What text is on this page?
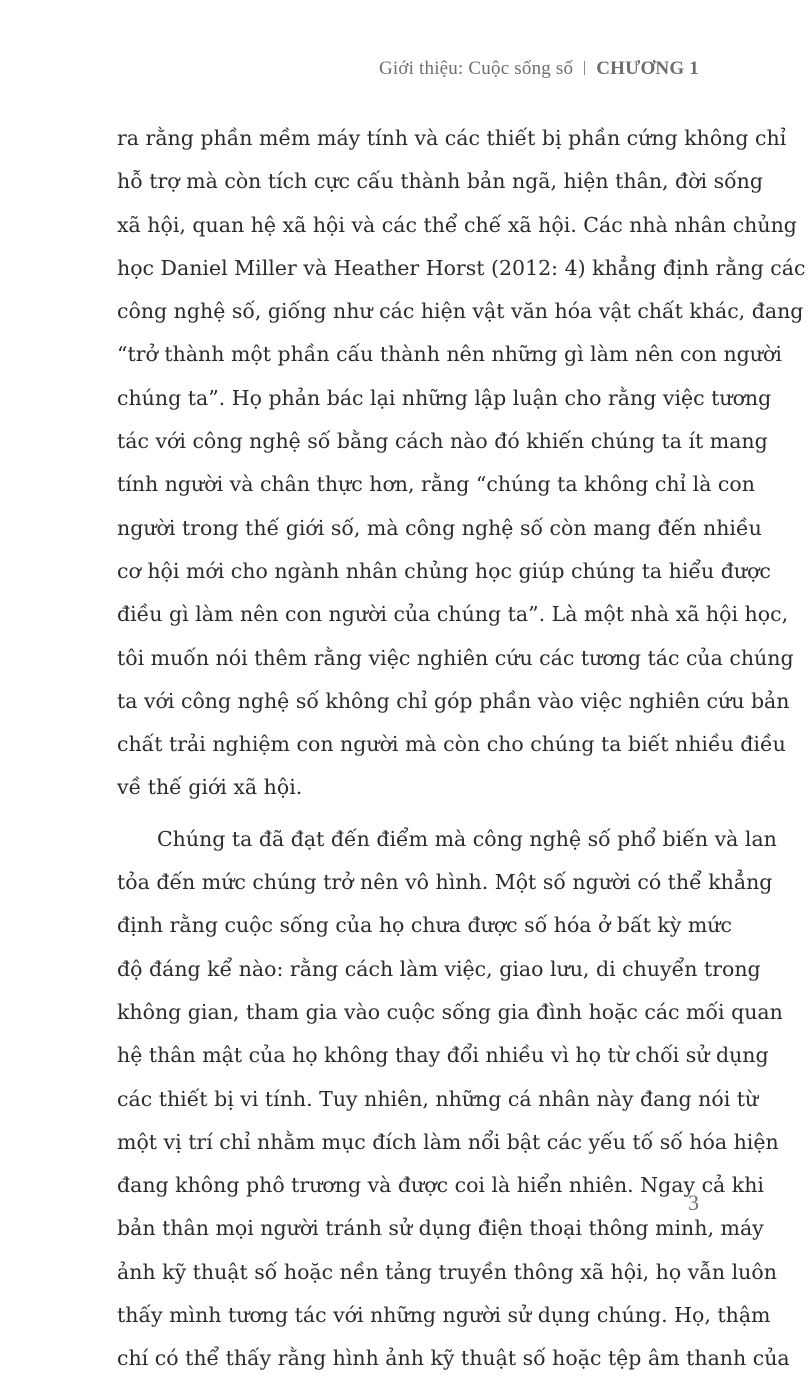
Giới thiệu: Cuộc sống số CHƯƠNG 1
ra rằng phần mềm máy tính và các thiết bị phần cứng không chỉ
hỗ trợ mà còn tích cực cấu thành bản ngã, hiện thân, đời sống
xã hội, quan hệ xã hội và các thể chế xã hội. Các nhà nhân chủng
học Daniel Miller và Heather Horst (2012: 4) khẳng định rằng các
công nghệ số, giống như các hiện vật văn hóa vật chất khác, đang
“trở thành một phần cấu thành nên những gì làm nên con người
chúng ta”. Họ phản bác lại những lập luận cho rằng việc tương
tác với công nghệ số bằng cách nào đó khiến chúng ta ít mang
tính người và chân thực hơn, rằng “chúng ta không chỉ là con
người trong thế giới số, mà công nghệ số còn mang đến nhiều
cơ hội mới cho ngành nhân chủng học giúp chúng ta hiểu được
điều gì làm nên con người của chúng ta”. Là một nhà xã hội học,
tôi muốn nói thêm rằng việc nghiên cứu các tương tác của chúng
ta với công nghệ số không chỉ góp phần vào việc nghiên cứu bản
chất trải nghiệm con người mà còn cho chúng ta biết nhiều điều
về thế giới xã hội.
Chúng ta đã đạt đến điểm mà công nghệ số phổ biến và lan
tỏa đến mức chúng trở nên vô hình. Một số người có thể khẳng
định rằng cuộc sống của họ chưa được số hóa ở bất kỳ mức
độ đáng kể nào: rằng cách làm việc, giao lưu, di chuyển trong
không gian, tham gia vào cuộc sống gia đình hoặc các mối quan
hệ thân mật của họ không thay đổi nhiều vì họ từ chối sử dụng
các thiết bị vi tính. Tuy nhiên, những cá nhân này đang nói từ
một vị trí chỉ nhằm mục đích làm nổi bật các yếu tố số hóa hiện
đang không phô trương và được coi là hiển nhiên. Ngay cả khi
bản thân mọi người tránh sử dụng điện thoại thông minh, máy
ảnh kỹ thuật số hoặc nền tảng truyền thông xã hội, họ vẫn luôn
thấy mình tương tác với những người sử dụng chúng. Họ, thậm
chí có thể thấy rằng hình ảnh kỹ thuật số hoặc tệp âm thanh của
3
